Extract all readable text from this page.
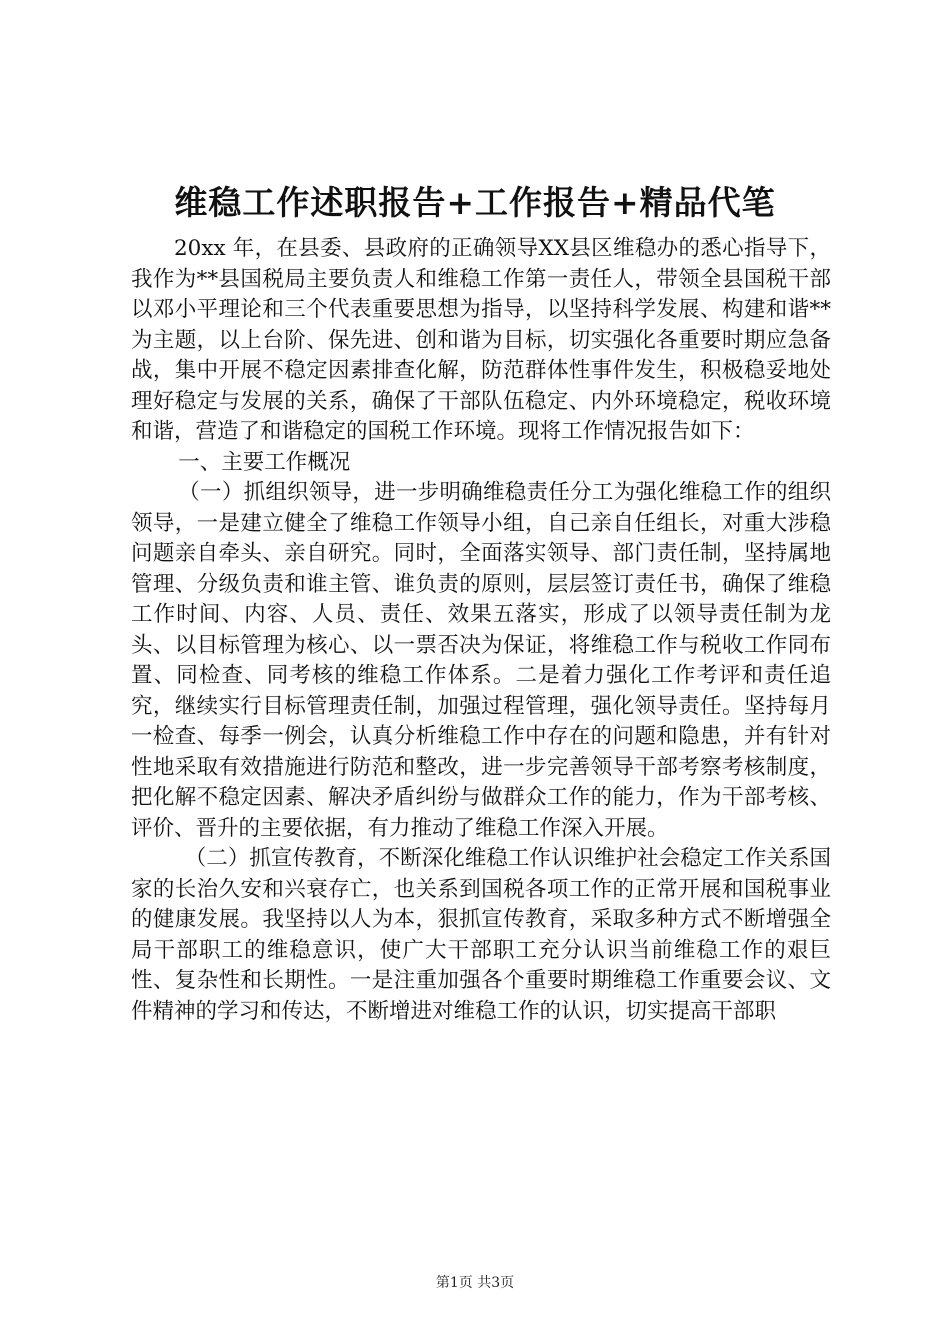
维稳工作述职报告+工作报告+精品代笔

20xx 年，在县委、县政府的正确领导XX县区维稳办的悉心指导下，我作为**县国税局主要负责人和维稳工作第一责任人，带领全县国税干部以邓小平理论和三个代表重要思想为指导，以坚持科学发展、构建和谐**为主题，以上台阶、保先进、创和谐为目标，切实强化各重要时期应急备战，集中开展不稳定因素排查化解，防范群体性事件发生，积极稳妥地处理好稳定与发展的关系，确保了干部队伍稳定、内外环境稳定，税收环境和谐，营造了和谐稳定的国税工作环境。现将工作情况报告如下：

一、主要工作概况

（一）抓组织领导，进一步明确维稳责任分工为强化维稳工作的组织领导，一是建立健全了维稳工作领导小组，自己亲自任组长，对重大涉稳问题亲自牵头、亲自研究。同时，全面落实领导、部门责任制，坚持属地管理、分级负责和谁主管、谁负责的原则，层层签订责任书，确保了维稳工作时间、内容、人员、责任、效果五落实，形成了以领导责任制为龙头、以目标管理为核心、以一票否决为保证，将维稳工作与税收工作同布置、同检查、同考核的维稳工作体系。二是着力强化工作考评和责任追究，继续实行目标管理责任制，加强过程管理，强化领导责任。坚持每月一检查、每季一例会，认真分析维稳工作中存在的问题和隐患，并有针对性地采取有效措施进行防范和整改，进一步完善领导干部考察考核制度，把化解不稳定因素、解决矛盾纠纷与做群众工作的能力，作为干部考核、评价、晋升的主要依据，有力推动了维稳工作深入开展。

（二）抓宣传教育，不断深化维稳工作认识维护社会稳定工作关系国家的长治久安和兴衰存亡，也关系到国税各项工作的正常开展和国税事业的健康发展。我坚持以人为本，狠抓宣传教育，采取多种方式不断增强全局干部职工的维稳意识，使广大干部职工充分认识当前维稳工作的艰巨性、复杂性和长期性。一是注重加强各个重要时期维稳工作重要会议、文件精神的学习和传达，不断增进对维稳工作的认识，切实提高干部职

第1页 共3页
